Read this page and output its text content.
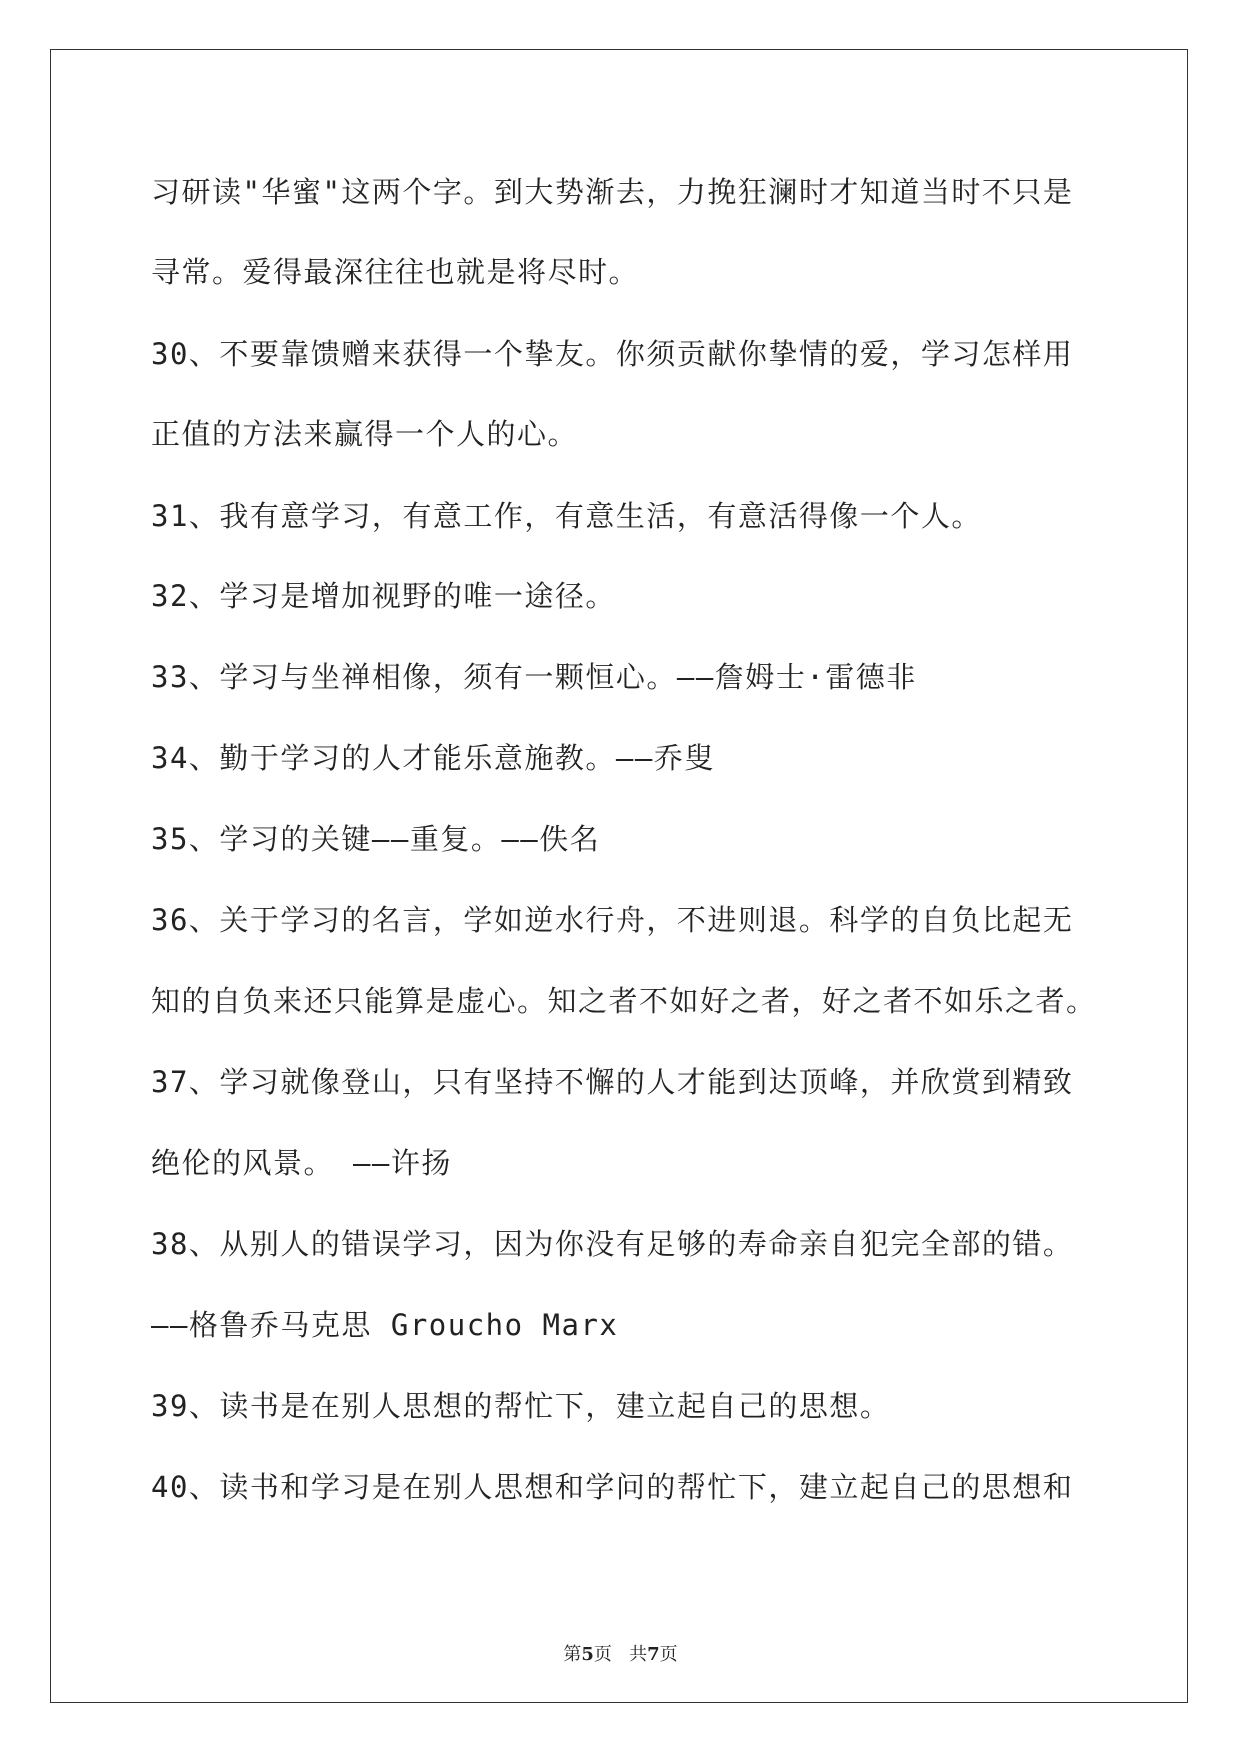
习研读"华蜜"这两个字。到大势渐去，力挽狂澜时才知道当时不只是
寻常。爱得最深往往也就是将尽时。
30、不要靠馈赠来获得一个挚友。你须贡献你挚情的爱，学习怎样用
正值的方法来赢得一个人的心。
31、我有意学习，有意工作，有意生活，有意活得像一个人。
32、学习是增加视野的唯一途径。
33、学习与坐禅相像，须有一颗恒心。——詹姆士·雷德非
34、勤于学习的人才能乐意施教。——乔叟
35、学习的关键——重复。——佚名
36、关于学习的名言，学如逆水行舟，不进则退。科学的自负比起无
知的自负来还只能算是虚心。知之者不如好之者，好之者不如乐之者。
37、学习就像登山，只有坚持不懈的人才能到达顶峰，并欣赏到精致
绝伦的风景。 ——许扬
38、从别人的错误学习，因为你没有足够的寿命亲自犯完全部的错。
——格鲁乔马克思 Groucho Marx
39、读书是在别人思想的帮忙下，建立起自己的思想。
40、读书和学习是在别人思想和学问的帮忙下，建立起自己的思想和
第5页   共7页
